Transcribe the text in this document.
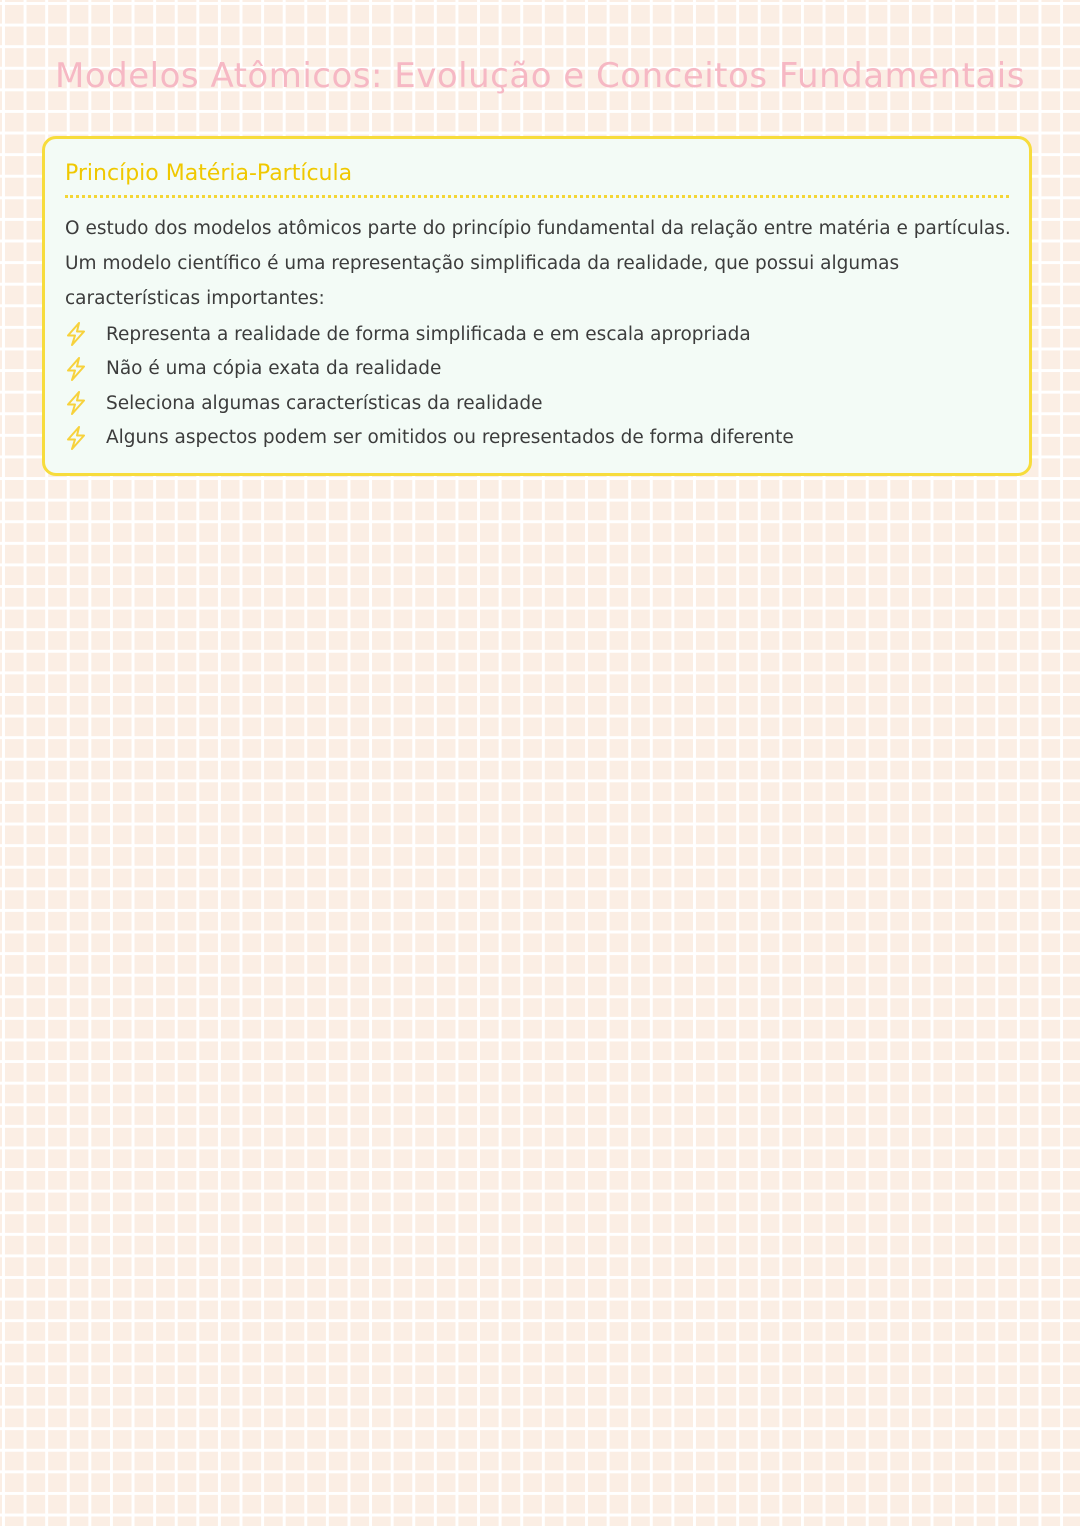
Modelos Atômicos: Evolução e Conceitos Fundamentais
Princípio Matéria-Partícula

O estudo dos modelos atômicos parte do princípio fundamental da relação entre matéria e partículas. Um modelo científico é uma representação simplificada da realidade, que possui algumas características importantes:

Representa a realidade de forma simplificada e em escala apropriada
Não é uma cópia exata da realidade
Seleciona algumas características da realidade
Alguns aspectos podem ser omitidos ou representados de forma diferente
